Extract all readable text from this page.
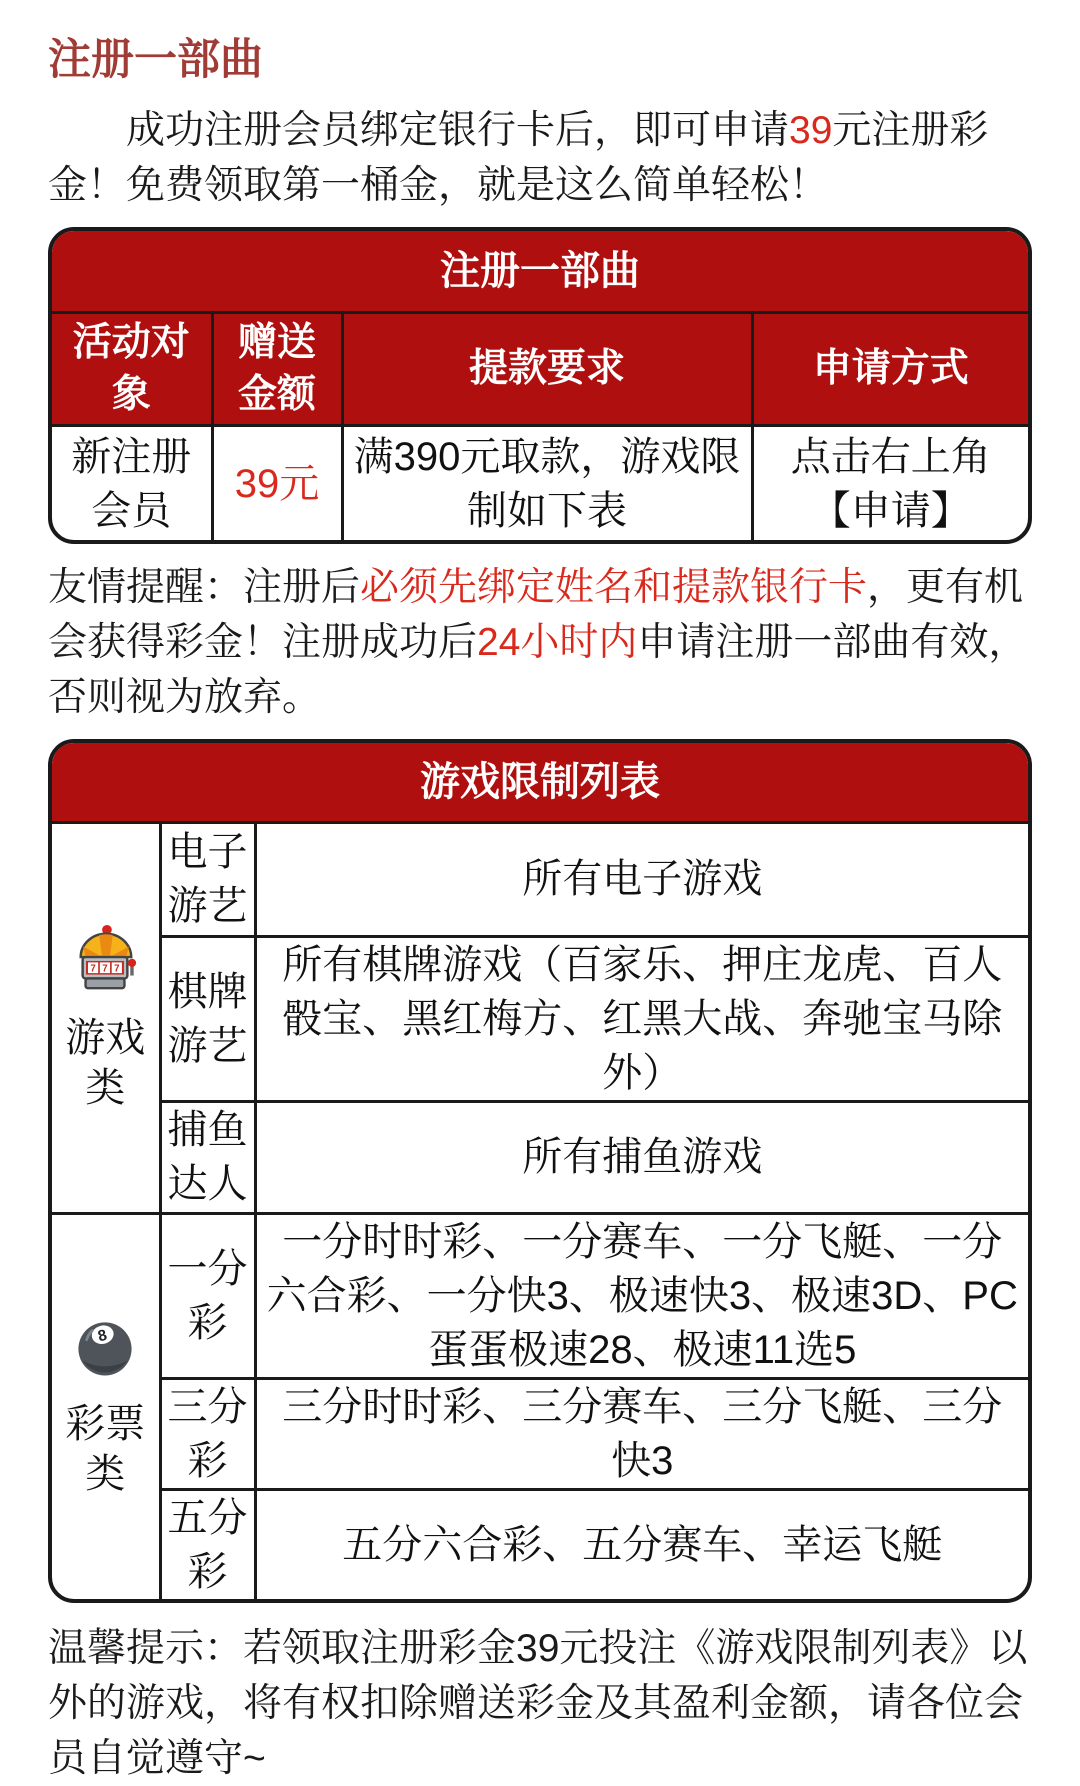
注册一部曲

成功注册会员绑定银行卡后，即可申请39元注册彩金！免费领取第一桶金，就是这么简单轻松！

注册一部曲
活动对象	赠送金额	提款要求	申请方式
新注册会员	39元	满390元取款，游戏限制如下表	点击右上角
【申请】

友情提醒：注册后必须先绑定姓名和提款银行卡，更有机会获得彩金！注册成功后24小时内申请注册一部曲有效，否则视为放弃。

游戏限制列表
7 7 7
游戏类	电子游艺	所有电子游戏
	棋牌游艺	所有棋牌游戏（百家乐、押庄龙虎、百人骰宝、黑红梅方、红黑大战、奔驰宝马除外）
	捕鱼达人	所有捕鱼游戏

8
彩票类	一分彩	一分时时彩、一分赛车、一分飞艇、一分六合彩、一分快3、极速快3、极速3D、PC蛋蛋极速28、极速11选5
	三分彩	三分时时彩、三分赛车、三分飞艇、三分快3
	五分彩	五分六合彩、五分赛车、幸运飞艇

温馨提示：若领取注册彩金39元投注《游戏限制列表》以外的游戏，将有权扣除赠送彩金及其盈利金额，请各位会员自觉遵守~
